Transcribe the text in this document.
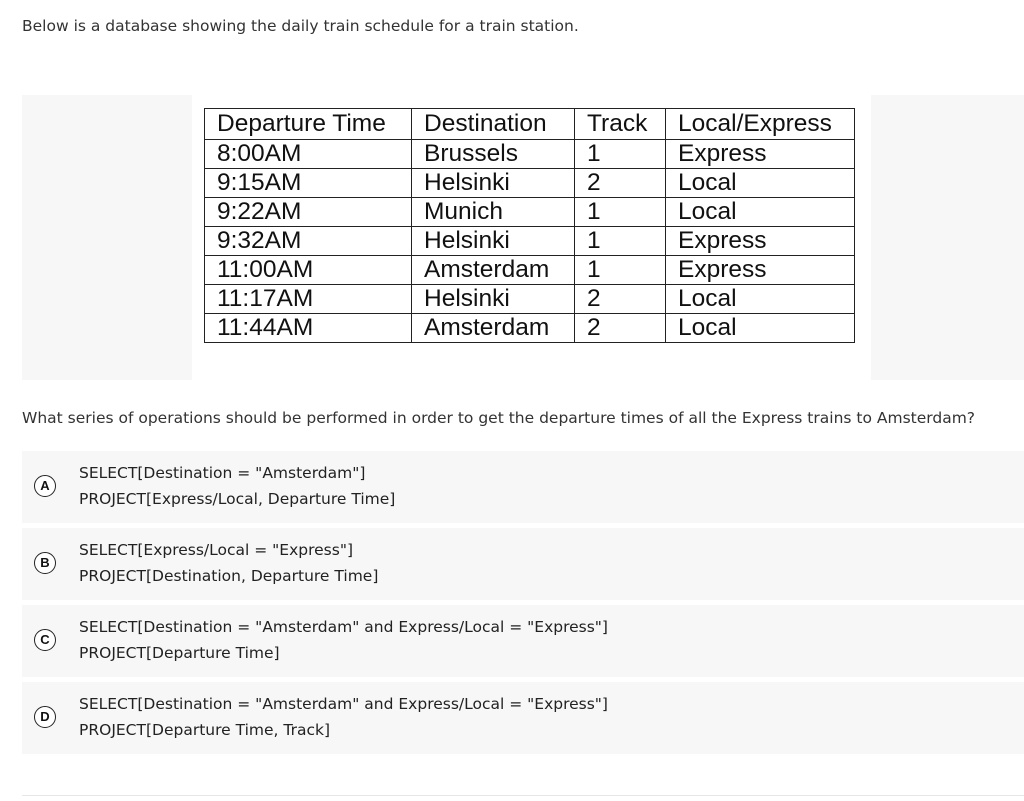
Below is a database showing the daily train schedule for a train station.
Departure Time	Destination	Track	Local/Express
8:00AM	Brussels	1	Express
9:15AM	Helsinki	2	Local
9:22AM	Munich	1	Local
9:32AM	Helsinki	1	Express
11:00AM	Amsterdam	1	Express
11:17AM	Helsinki	2	Local
11:44AM	Amsterdam	2	Local
What series of operations should be performed in order to get the departure times of all the Express trains to Amsterdam?
A
SELECT[Destination = "Amsterdam"]
PROJECT[Express/Local, Departure Time]
B
SELECT[Express/Local = "Express"]
PROJECT[Destination, Departure Time]
C
SELECT[Destination = "Amsterdam" and Express/Local = "Express"]
PROJECT[Departure Time]
D
SELECT[Destination = "Amsterdam" and Express/Local = "Express"]
PROJECT[Departure Time, Track]
